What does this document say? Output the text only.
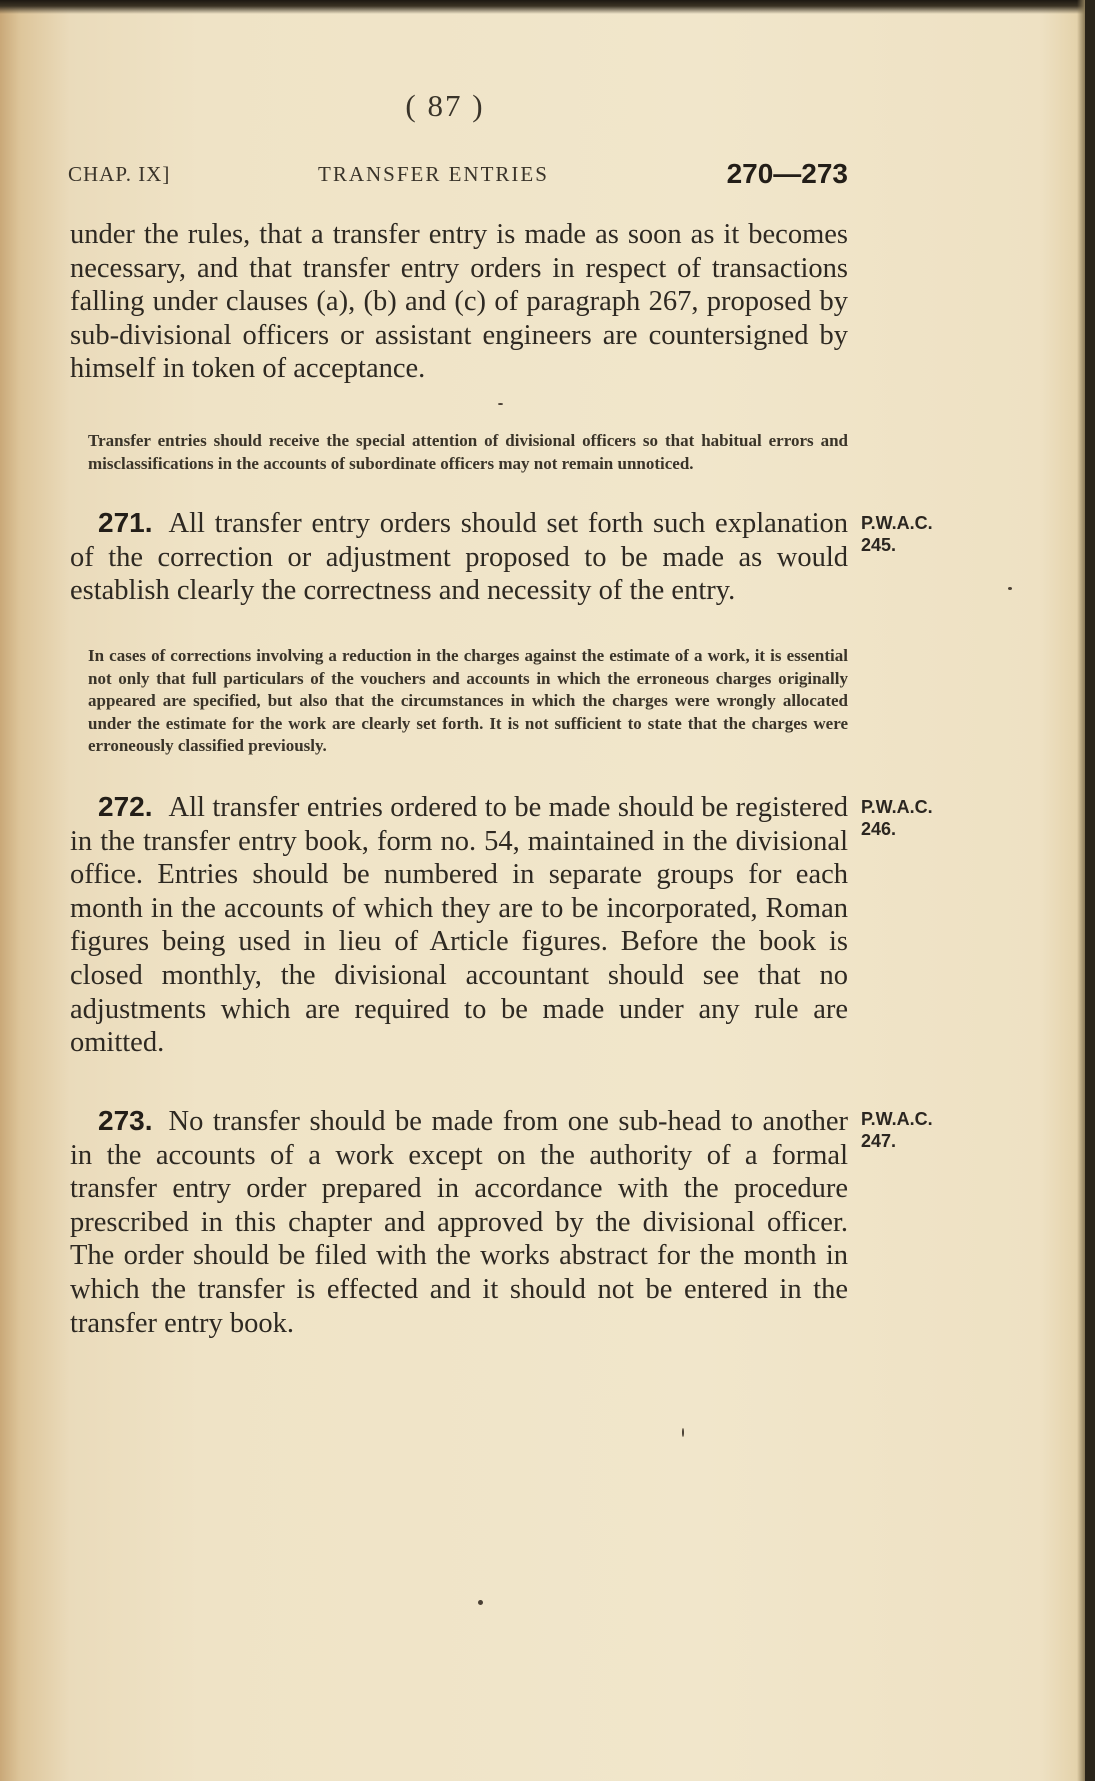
( 87 )
CHAP. IX]	TRANSFER ENTRIES	270—273
under the rules, that a transfer entry is made as soon as it becomes necessary, and that transfer entry orders in respect of transactions falling under clauses (a), (b) and (c) of paragraph 267, proposed by sub-divisional officers or assistant engineers are countersigned by himself in token of acceptance.
Transfer entries should receive the special attention of divisional officers so that habitual errors and misclassifications in the accounts of subordinate officers may not remain unnoticed.
271. All transfer entry orders should set forth such explanation of the correction or adjustment proposed to be made as would establish clearly the correctness and necessity of the entry.
P.W.A.C.
245.
In cases of corrections involving a reduction in the charges against the estimate of a work, it is essential not only that full particulars of the vouchers and accounts in which the erroneous charges originally appeared are specified, but also that the circumstances in which the charges were wrongly allocated under the estimate for the work are clearly set forth. It is not sufficient to state that the charges were erroneously classified previously.
272. All transfer entries ordered to be made should be registered in the transfer entry book, form no. 54, maintained in the divisional office. Entries should be numbered in separate groups for each month in the accounts of which they are to be incorporated, Roman figures being used in lieu of Article figures. Before the book is closed monthly, the divisional accountant should see that no adjustments which are required to be made under any rule are omitted.
P.W.A.C.
246.
273. No transfer should be made from one sub-head to another in the accounts of a work except on the authority of a formal transfer entry order prepared in accordance with the procedure prescribed in this chapter and approved by the divisional officer. The order should be filed with the works abstract for the month in which the transfer is effected and it should not be entered in the transfer entry book.
P.W.A.C.
247.
